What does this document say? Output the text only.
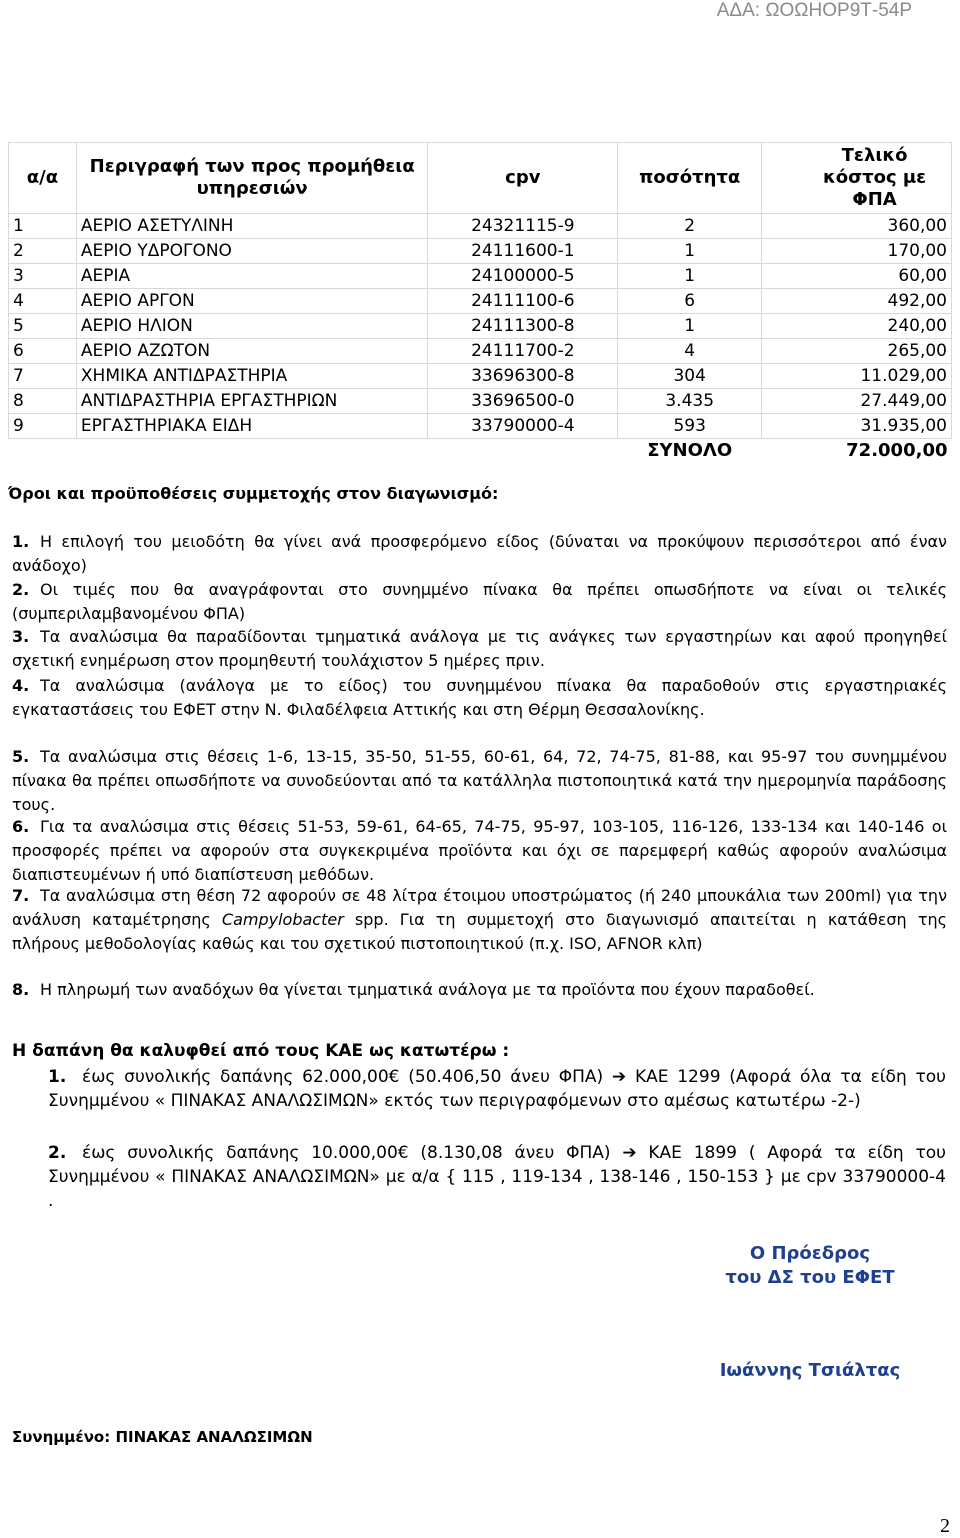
ΑΔΑ: ΩΟΩΗΟΡ9Τ-54Ρ
α/α	Περιγραφή των προς προμήθεια υπηρεσιών	cpv	ποσότητα	Τελικό κόστος με ΦΠΑ
1	ΑΕΡΙΟ ΑΣΕΤΥΛΙΝΗ	24321115-9	2	360,00
2	ΑΕΡΙΟ ΥΔΡΟΓΟΝΟ	24111600-1	1	170,00
3	ΑΕΡΙΑ	24100000-5	1	60,00
4	ΑΕΡΙΟ ΑΡΓΟΝ	24111100-6	6	492,00
5	ΑΕΡΙΟ ΗΛΙΟΝ	24111300-8	1	240,00
6	ΑΕΡΙΟ ΑΖΩΤΟΝ	24111700-2	4	265,00
7	ΧΗΜΙΚΑ ΑΝΤΙΔΡΑΣΤΗΡΙΑ	33696300-8	304	11.029,00
8	ΑΝΤΙΔΡΑΣΤΗΡΙΑ ΕΡΓΑΣΤΗΡΙΩΝ	33696500-0	3.435	27.449,00
9	ΕΡΓΑΣΤΗΡΙΑΚΑ ΕΙΔΗ	33790000-4	593	31.935,00
			ΣΥΝΟΛΟ	72.000,00
Όροι και προϋποθέσεις συμμετοχής στον διαγωνισμό:
1. Η επιλογή του μειοδότη θα γίνει ανά προσφερόμενο είδος (δύναται να προκύψουν περισσότεροι από έναν ανάδοχο)
2. Οι τιμές που θα αναγράφονται στο συνημμένο πίνακα θα πρέπει οπωσδήποτε να είναι οι τελικές (συμπεριλαμβανομένου ΦΠΑ)
3. Τα αναλώσιμα θα παραδίδονται τμηματικά ανάλογα με τις ανάγκες των εργαστηρίων και αφού προηγηθεί σχετική ενημέρωση στον προμηθευτή τουλάχιστον 5 ημέρες πριν.
4. Τα αναλώσιμα (ανάλογα με το είδος) του συνημμένου πίνακα θα παραδοθούν στις εργαστηριακές εγκαταστάσεις του ΕΦΕΤ στην Ν. Φιλαδέλφεια Αττικής και στη Θέρμη Θεσσαλονίκης.
5. Τα αναλώσιμα στις θέσεις 1-6, 13-15, 35-50, 51-55, 60-61, 64, 72, 74-75, 81-88, και 95-97 του συνημμένου πίνακα θα πρέπει οπωσδήποτε να συνοδεύονται από τα κατάλληλα πιστοποιητικά κατά την ημερομηνία παράδοσης τους.
6. Για τα αναλώσιμα στις θέσεις 51-53, 59-61, 64-65, 74-75, 95-97, 103-105, 116-126, 133-134 και 140-146 οι προσφορές πρέπει να αφορούν στα συγκεκριμένα προϊόντα και όχι σε παρεμφερή καθώς αφορούν αναλώσιμα διαπιστευμένων ή υπό διαπίστευση μεθόδων.
7. Τα αναλώσιμα στη θέση 72 αφορούν σε 48 λίτρα έτοιμου υποστρώματος (ή 240 μπουκάλια των 200ml) για την ανάλυση καταμέτρησης Campylobacter spp. Για τη συμμετοχή στο διαγωνισμό απαιτείται η κατάθεση της πλήρους μεθοδολογίας καθώς και του σχετικού πιστοποιητικού (π.χ. ISO, AFNOR κλπ)
8. Η πληρωμή των αναδόχων θα γίνεται τμηματικά ανάλογα με τα προϊόντα που έχουν παραδοθεί.
Η δαπάνη θα καλυφθεί από τους ΚΑΕ ως κατωτέρω :
1. έως συνολικής δαπάνης 62.000,00€ (50.406,50 άνευ ΦΠΑ) ➔ ΚΑΕ 1299 (Αφορά όλα τα είδη του Συνημμένου « ΠΙΝΑΚΑΣ ΑΝΑΛΩΣΙΜΩΝ» εκτός των περιγραφόμενων στο αμέσως κατωτέρω -2-)
2. έως συνολικής δαπάνης 10.000,00€ (8.130,08 άνευ ΦΠΑ) ➔ ΚΑΕ 1899 ( Αφορά τα είδη του Συνημμένου « ΠΙΝΑΚΑΣ ΑΝΑΛΩΣΙΜΩΝ» με α/α { 115 , 119-134 , 138-146 , 150-153 } με cpv 33790000-4 .
Ο Πρόεδρος
του ΔΣ του ΕΦΕΤ
Ιωάννης Τσιάλτας
Συνημμένο: ΠΙΝΑΚΑΣ ΑΝΑΛΩΣΙΜΩΝ
2
